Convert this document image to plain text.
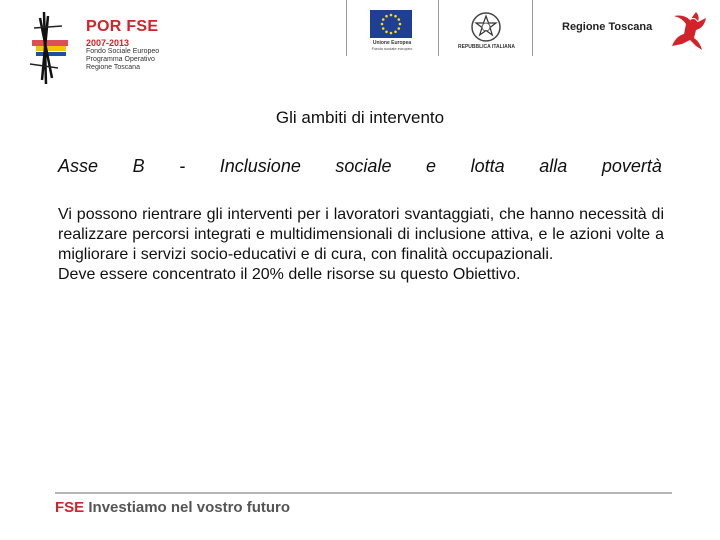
POR FSE
2007-2013
Fondo Sociale Europeo
Programma Operativo
Regione Toscana
Unione Europea
Fondo sociale europeo	REPUBBLICA ITALIANA
Regione Toscana
Gli ambiti di intervento
Asse B - Inclusione sociale e lotta alla povertà

Vi possono rientrare gli interventi per i lavoratori svantaggiati, che hanno necessità di realizzare percorsi integrati e multidimensionali di inclusione attiva, e le azioni volte a migliorare i servizi socio-educativi e di cura, con finalità occupazionali.

Deve essere concentrato il 20% delle risorse su questo Obiettivo.

FSE Investiamo nel vostro futuro
